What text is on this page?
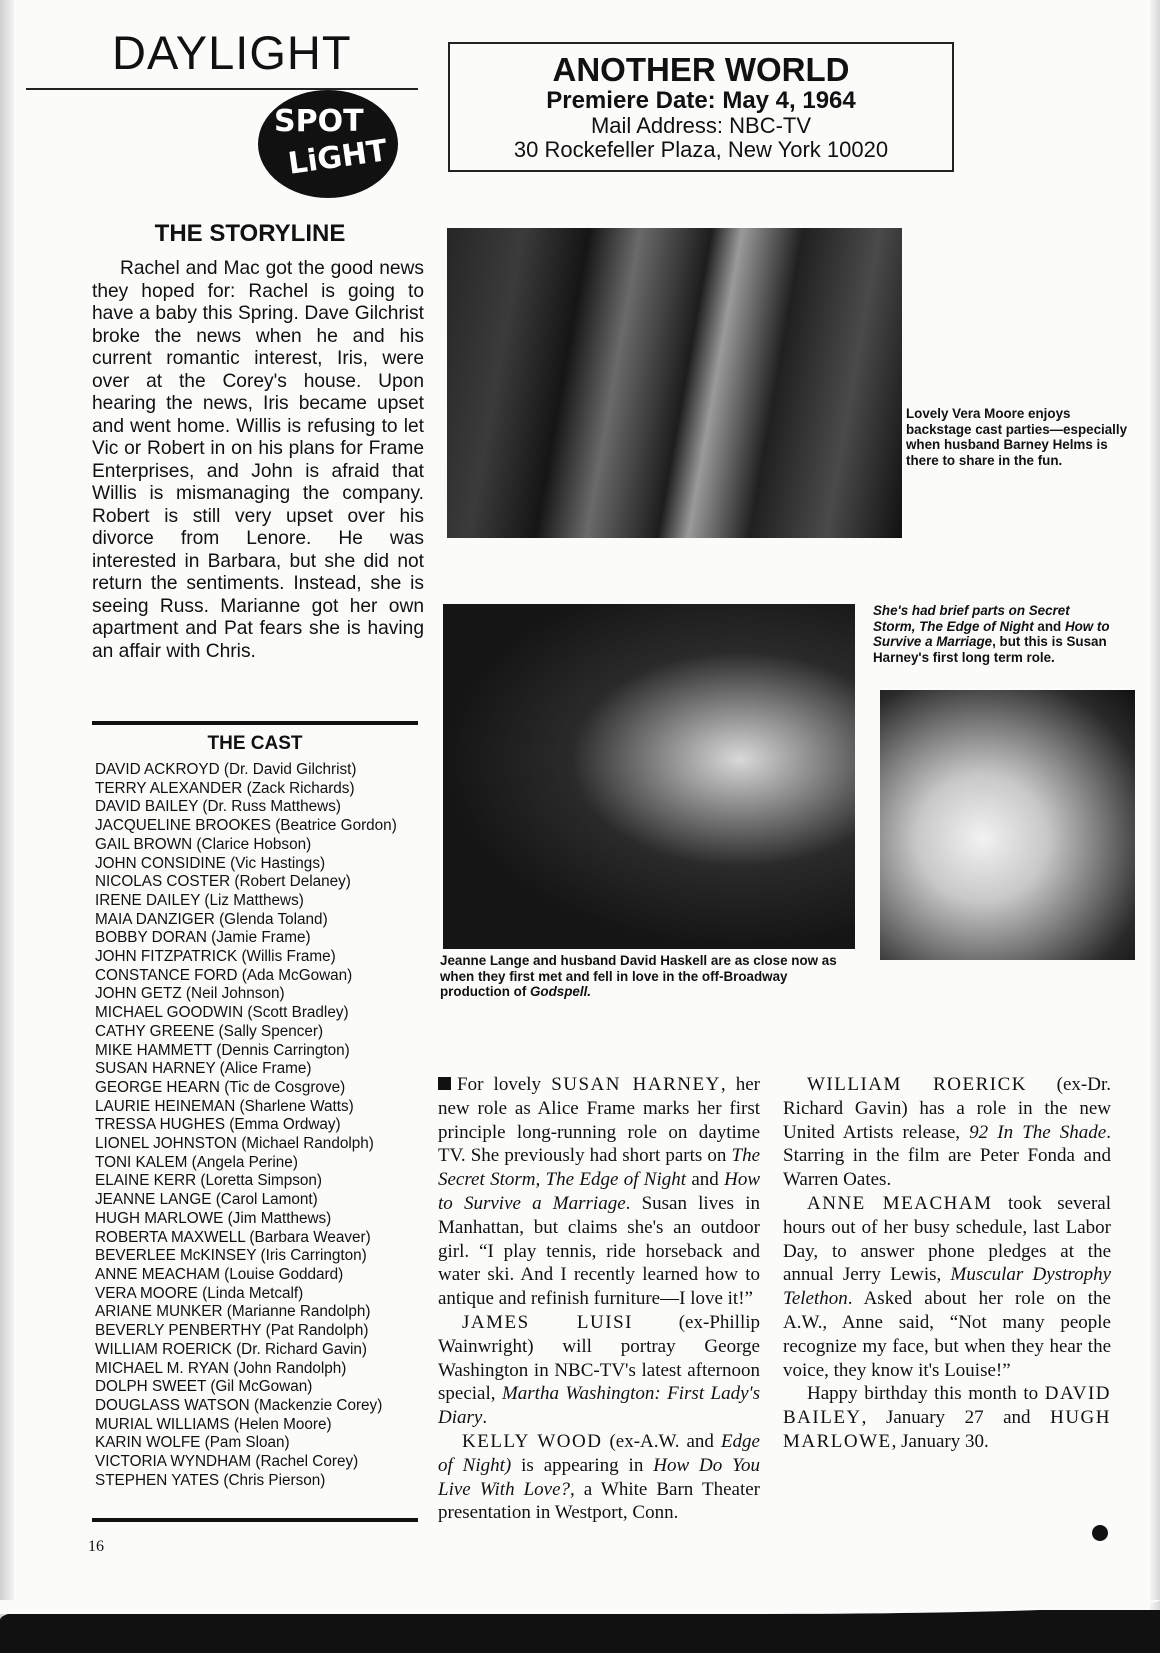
DAYLIGHT
SPOT
LiGHT
ANOTHER WORLD
Premiere Date: May 4, 1964
Mail Address: NBC-TV
30 Rockefeller Plaza, New York 10020
THE STORYLINE
Rachel and Mac got the good news they hoped for: Rachel is going to have a baby this Spring. Dave Gilchrist broke the news when he and his current romantic interest, Iris, were over at the Corey's house. Upon hearing the news, Iris became upset and went home. Willis is refusing to let Vic or Robert in on his plans for Frame Enterprises, and John is afraid that Willis is mismanaging the company. Robert is still very upset over his divorce from Lenore. He was interested in Barbara, but she did not return the sentiments. Instead, she is seeing Russ. Marianne got her own apartment and Pat fears she is having an affair with Chris.
THE CAST
DAVID ACKROYD (Dr. David Gilchrist)
TERRY ALEXANDER (Zack Richards)
DAVID BAILEY (Dr. Russ Matthews)
JACQUELINE BROOKES (Beatrice Gordon)
GAIL BROWN (Clarice Hobson)
JOHN CONSIDINE (Vic Hastings)
NICOLAS COSTER (Robert Delaney)
IRENE DAILEY (Liz Matthews)
MAIA DANZIGER (Glenda Toland)
BOBBY DORAN (Jamie Frame)
JOHN FITZPATRICK (Willis Frame)
CONSTANCE FORD (Ada McGowan)
JOHN GETZ (Neil Johnson)
MICHAEL GOODWIN (Scott Bradley)
CATHY GREENE (Sally Spencer)
MIKE HAMMETT (Dennis Carrington)
SUSAN HARNEY (Alice Frame)
GEORGE HEARN (Tic de Cosgrove)
LAURIE HEINEMAN (Sharlene Watts)
TRESSA HUGHES (Emma Ordway)
LIONEL JOHNSTON (Michael Randolph)
TONI KALEM (Angela Perine)
ELAINE KERR (Loretta Simpson)
JEANNE LANGE (Carol Lamont)
HUGH MARLOWE (Jim Matthews)
ROBERTA MAXWELL (Barbara Weaver)
BEVERLEE McKINSEY (Iris Carrington)
ANNE MEACHAM (Louise Goddard)
VERA MOORE (Linda Metcalf)
ARIANE MUNKER (Marianne Randolph)
BEVERLY PENBERTHY (Pat Randolph)
WILLIAM ROERICK (Dr. Richard Gavin)
MICHAEL M. RYAN (John Randolph)
DOLPH SWEET (Gil McGowan)
DOUGLASS WATSON (Mackenzie Corey)
MURIAL WILLIAMS (Helen Moore)
KARIN WOLFE (Pam Sloan)
VICTORIA WYNDHAM (Rachel Corey)
STEPHEN YATES (Chris Pierson)
16
Lovely Vera Moore enjoys backstage cast parties—especially when husband Barney Helms is there to share in the fun.
She's had brief parts on Secret Storm, The Edge of Night and How to Survive a Marriage, but this is Susan Harney's first long term role.
Jeanne Lange and husband David Haskell are as close now as when they first met and fell in love in the off-Broadway production of Godspell.

For lovely SUSAN HARNEY, her new role as Alice Frame marks her first principle long-running role on daytime TV. She previously had short parts on The Secret Storm, The Edge of Night and How to Survive a Marriage. Susan lives in Manhattan, but claims she's an outdoor girl. “I play tennis, ride horseback and water ski. And I recently learned how to antique and refinish furniture—I love it!”

JAMES LUISI (ex-Phillip Wainwright) will portray George Washington in NBC-TV's latest afternoon special, Martha Washington: First Lady's Diary.

KELLY WOOD (ex-A.W. and Edge of Night) is appearing in How Do You Live With Love?, a White Barn Theater presentation in Westport, Conn.

WILLIAM ROERICK (ex-Dr. Richard Gavin) has a role in the new United Artists release, 92 In The Shade. Starring in the film are Peter Fonda and Warren Oates.

ANNE MEACHAM took several hours out of her busy schedule, last Labor Day, to answer phone pledges at the annual Jerry Lewis, Muscular Dystrophy Telethon. Asked about her role on the A.W., Anne said, “Not many people recognize my face, but when they hear the voice, they know it's Louise!”

Happy birthday this month to DAVID BAILEY, January 27 and HUGH MARLOWE, January 30.
